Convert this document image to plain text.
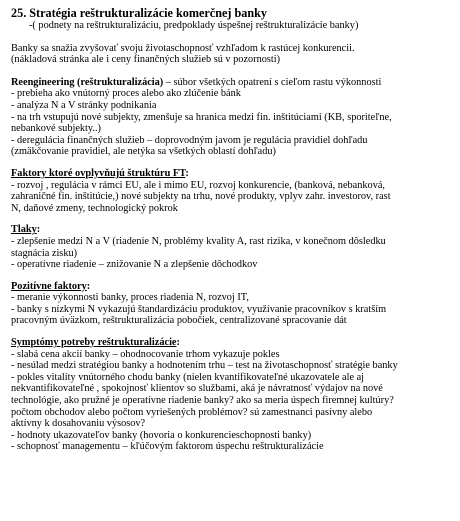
25. Stratégia reštrukturalizácie komerčnej banky

-( podnety na reštrukturalizáciu, predpoklady úspešnej reštrukturalizácie banky)
Banky sa snažia zvyšovať svoju životaschopnosť vzhľadom k rastúcej konkurencii.
(nákladová stránka ale i ceny finančných služieb sú v pozornosti)
Reengineering (reštrukturalizácia) – súbor všetkých opatrení s cieľom rastu výkonnosti
- prebieha ako vnútorný proces alebo ako zlúčenie bánk
- analýza N a V stránky podnikania
- na trh vstupujú nové subjekty, zmenšuje sa hranica medzi fin. inštitúciami (KB, sporiteľne,
nebankové subjekty..)
- deregulácia finančných služieb – doprovodným javom je regulácia pravidiel dohľadu
(zmäkčovanie pravidiel, ale netýka sa všetkých oblastí dohľadu)
Faktory ktoré ovplyvňujú štruktúru FT:
- rozvoj , regulácia v rámci EU, ale i mimo EU, rozvoj konkurencie, (banková, nebanková,
zahraničné fin. inštitúcie,) nové subjekty na trhu, nové produkty, vplyv zahr. investorov, rast
N, daňové zmeny, technologický pokrok
Tlaky:
- zlepšenie medzi N a V (riadenie N, problémy kvality A, rast rizika, v konečnom dôsledku
stagnácia zisku)
- operatívne riadenie – znižovanie N a zlepšenie dôchodkov
Pozitívne faktory:
- meranie výkonnosti banky, proces riadenia N, rozvoj IT,
- banky s nízkymi N vykazujú štandardizáciu produktov, využívanie pracovníkov s kratším
pracovným úväzkom, reštrukturalizácia pobočiek, centralizované spracovanie dát
Symptómy potreby reštrukturalizácie:
- slabá cena akcií banky – ohodnocovanie trhom vykazuje pokles
- nesúlad medzi stratégiou banky a hodnotením trhu – test na životaschopnosť stratégie banky
- pokles vitality vnútorného chodu banky (nielen kvantifikovateľné ukazovatele ale aj
nekvantifikovateľné , spokojnosť klientov so službami, aká je návratnosť výdajov na nové
technológie, ako pružné je operatívne riadenie banky? ako sa meria úspech firemnej kultúry?
počtom obchodov alebo počtom vyriešených problémov? sú zamestnanci pasívny alebo
aktívny k dosahovaniu výsosov?
- hodnoty ukazovateľov banky (hovoria o konkurencieschopnosti banky)
- schopnosť managementu – kľúčovým faktorom úspechu reštrukturalizácie
